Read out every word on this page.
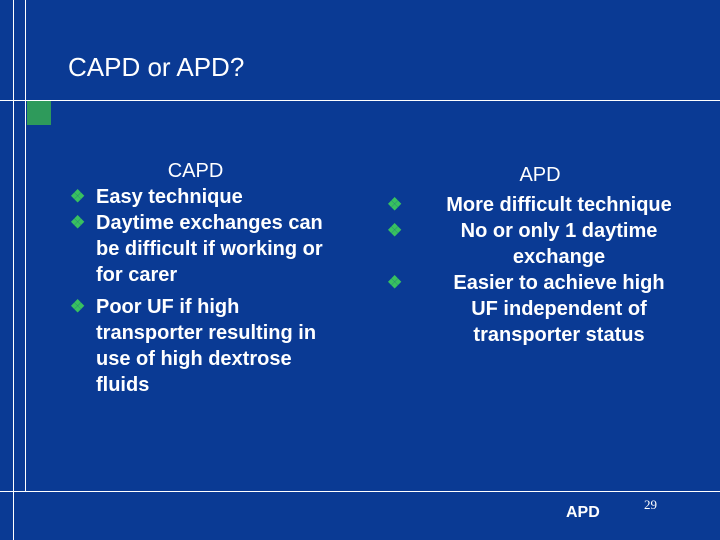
CAPD or APD?
CAPD
❖ Easy technique
❖ Daytime exchanges can
be difficult if working or
for carer
❖ Poor UF if high
transporter resulting in
use of high dextrose
fluids
APD
❖	More difficult technique
❖	No or only 1 daytime
exchange
❖	Easier to achieve high
UF independent of
transporter status
APD	29
